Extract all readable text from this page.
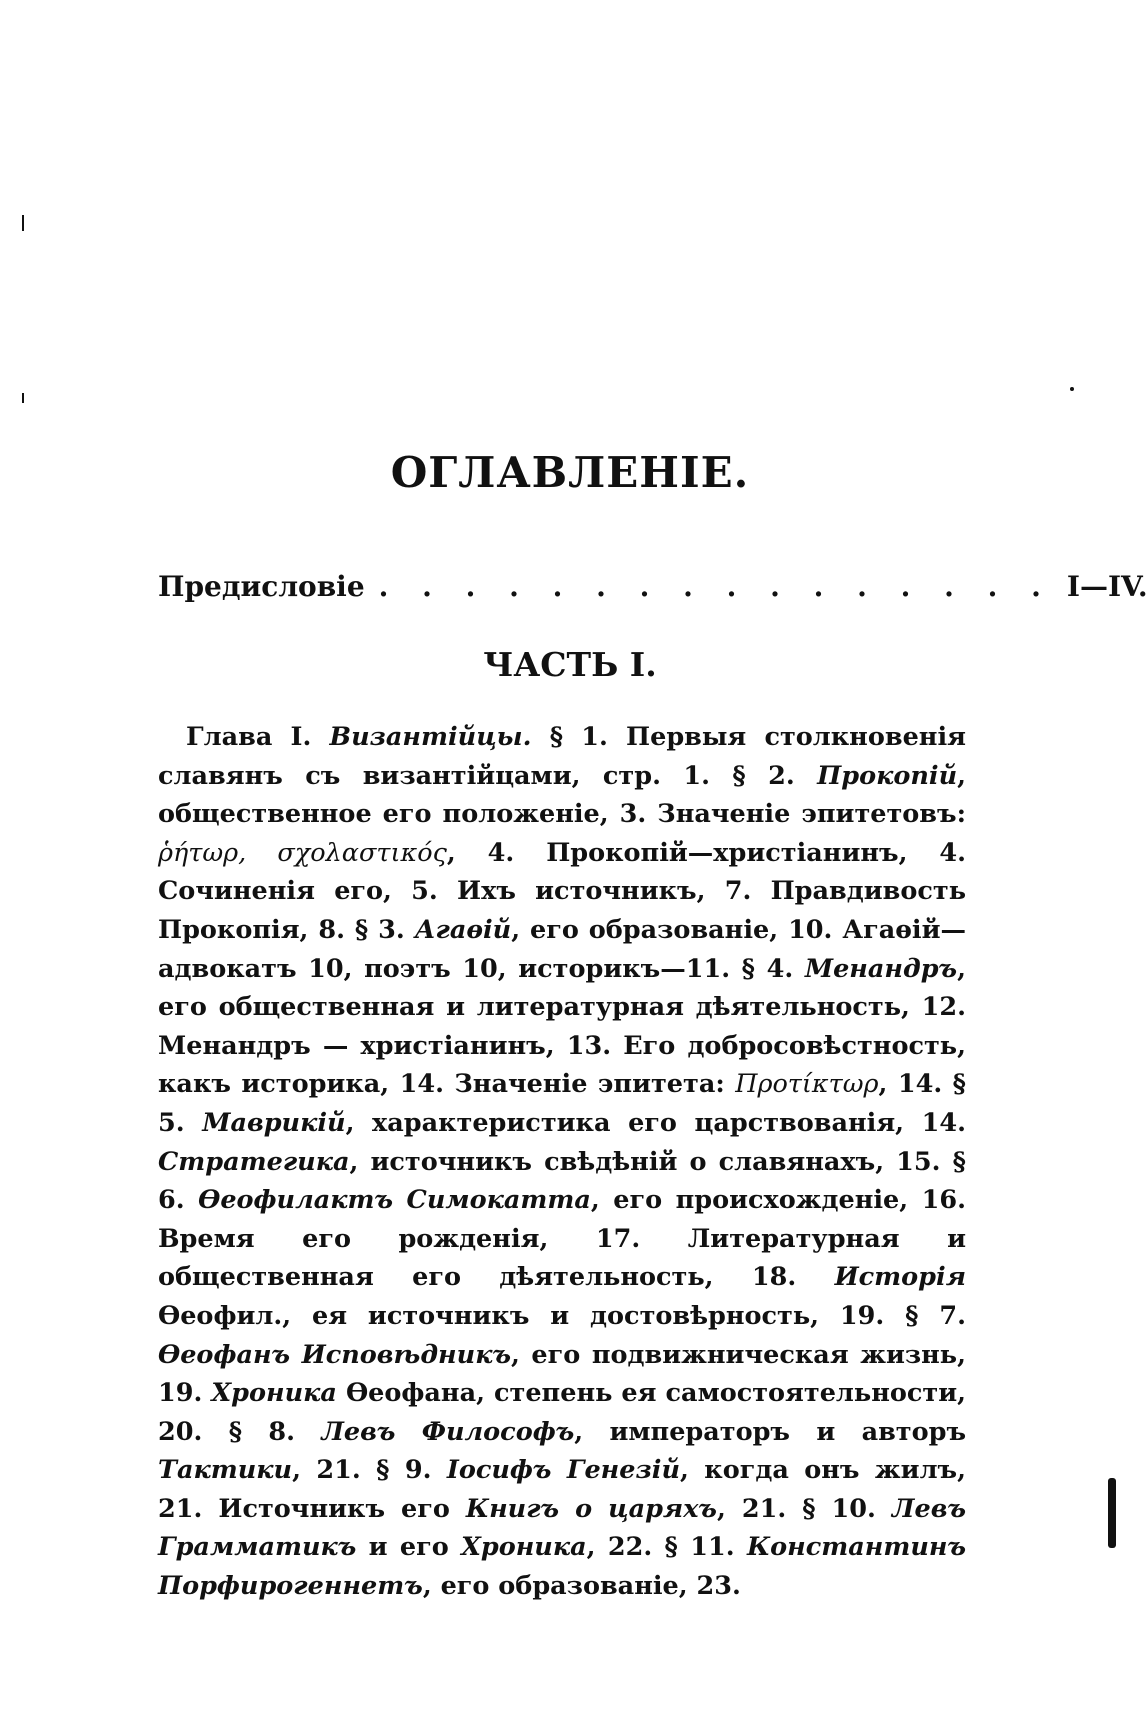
ОГЛАВЛЕНІЕ.
Предисловіе . . . . . . . . . . . . . . . . I—IV.
ЧАСТЬ I.

Глава I. Византійцы. § 1. Первыя столкновенія славянъ съ византійцами, стр. 1. § 2. Прокопій, общественное его положеніе, 3. Значеніе эпитетовъ: ῥήτωρ, σχολαστικός, 4. Прокопій—христіанинъ, 4. Сочиненія его, 5. Ихъ источникъ, 7. Правдивость Прокопія, 8. § 3. Агаѳій, его образованіе, 10. Агаѳій—адвокатъ 10, поэтъ 10, историкъ—11. § 4. Менандръ, его общественная и литературная дѣятельность, 12. Менандръ — христіанинъ, 13. Его добросовѣстность, какъ историка, 14. Значеніе эпитета: Προτίκτωρ, 14. § 5. Маврикій, характеристика его царствованія, 14. Стратегика, источникъ свѣдѣній о славянахъ, 15. § 6. Ѳеофилактъ Симокатта, его происхожденіе, 16. Время его рожденія, 17. Литературная и общественная его дѣятельность, 18. Исторія Ѳеофил., ея источникъ и достовѣрность, 19. § 7. Ѳеофанъ Исповѣдникъ, его подвижническая жизнь, 19. Хроника Ѳеофана, степень ея самостоятельности, 20. § 8. Левъ Философъ, императоръ и авторъ Тактики, 21. § 9. Іосифъ Генезій, когда онъ жилъ, 21. Источникъ его Книгъ о царяхъ, 21. § 10. Левъ Грамматикъ и его Хроника, 22. § 11. Константинъ Порфирогеннетъ, его образованіе, 23.
